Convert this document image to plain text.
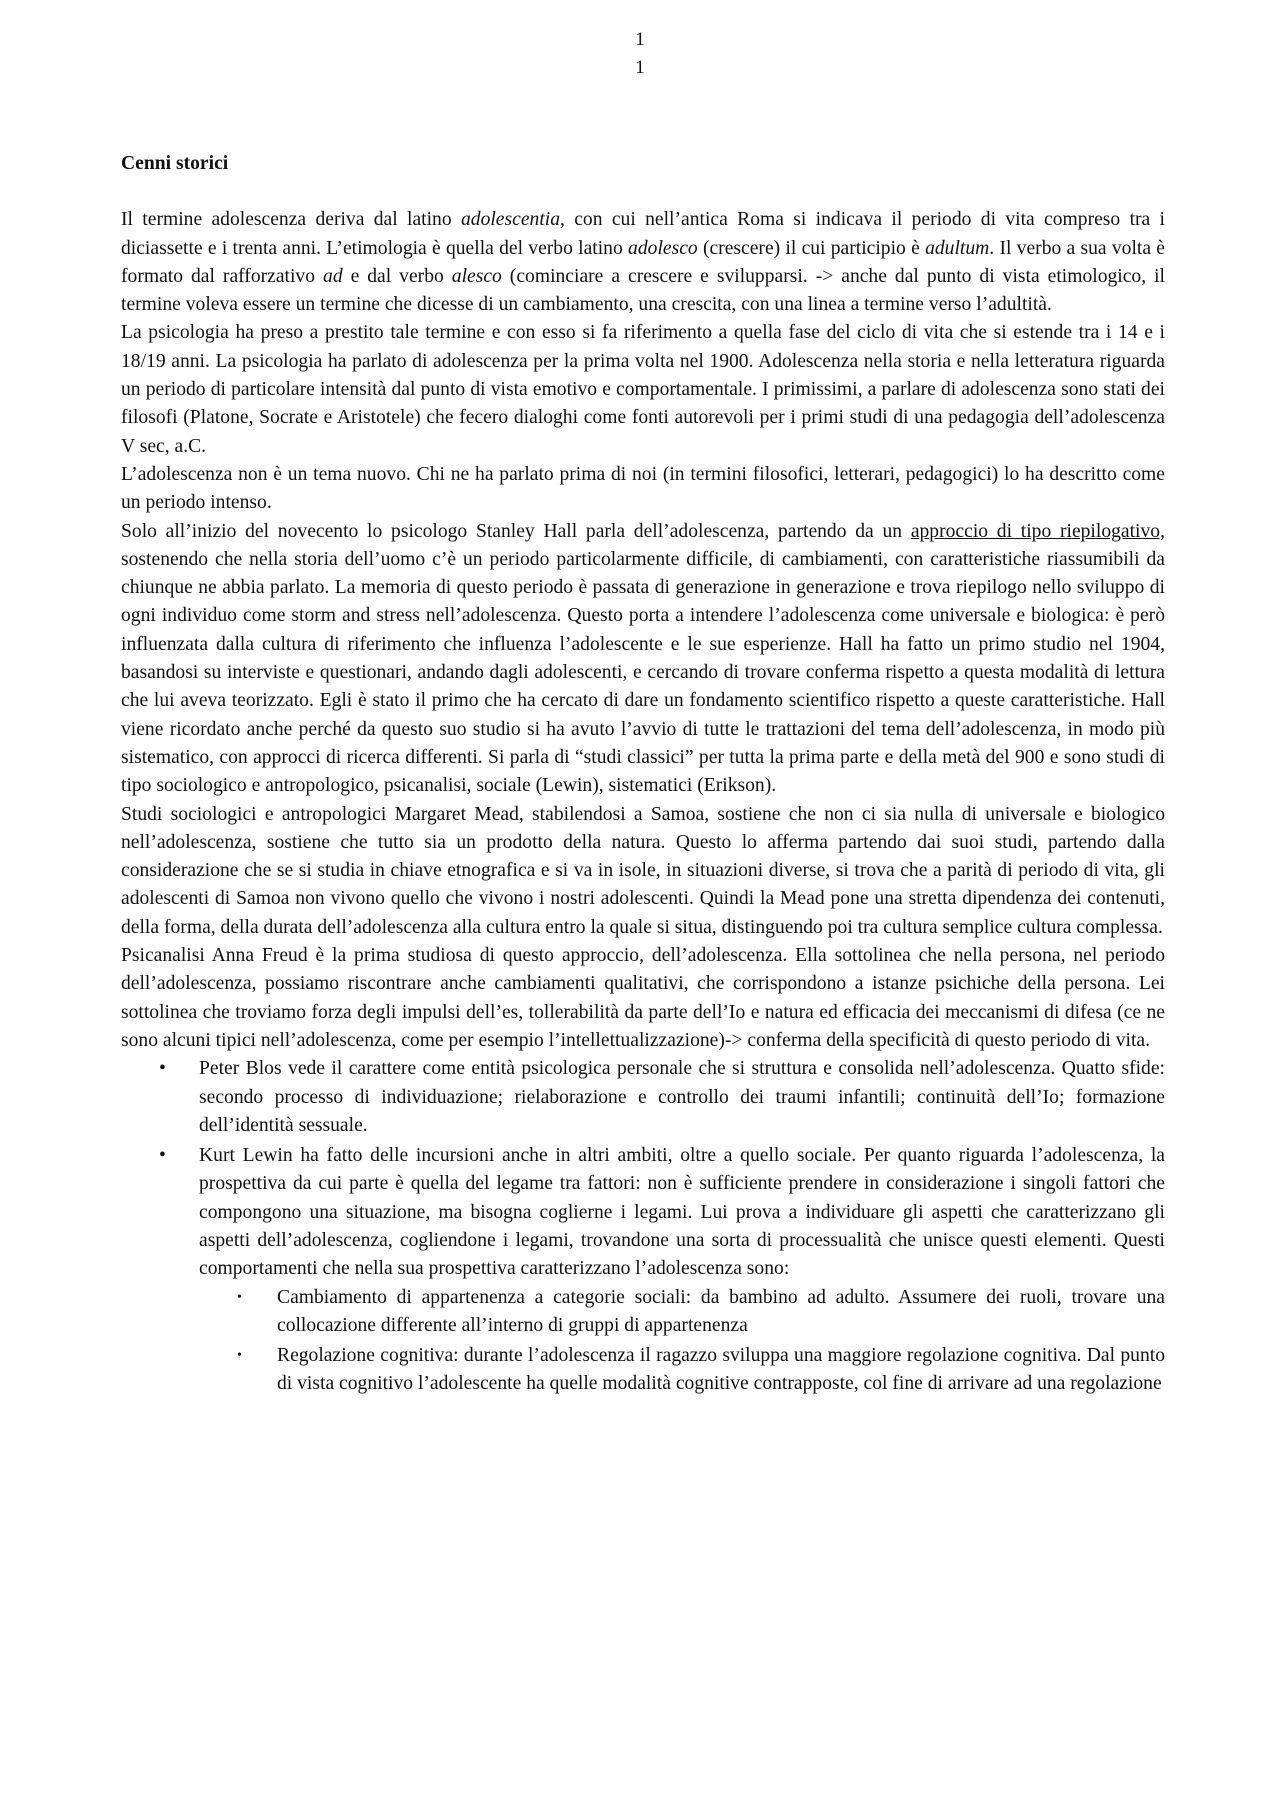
1
1
Cenni storici

Il termine adolescenza deriva dal latino adolescentia, con cui nell’antica Roma si indicava il periodo di vita compreso tra i diciassette e i trenta anni. L’etimologia è quella del verbo latino adolesco (crescere) il cui participio è adultum. Il verbo a sua volta è formato dal rafforzativo ad e dal verbo alesco (cominciare a crescere e svilupparsi. -> anche dal punto di vista etimologico, il termine voleva essere un termine che dicesse di un cambiamento, una crescita, con una linea a termine verso l’adultità.

La psicologia ha preso a prestito tale termine e con esso si fa riferimento a quella fase del ciclo di vita che si estende tra i 14 e i 18/19 anni. La psicologia ha parlato di adolescenza per la prima volta nel 1900. Adolescenza nella storia e nella letteratura riguarda un periodo di particolare intensità dal punto di vista emotivo e comportamentale. I primissimi, a parlare di adolescenza sono stati dei filosofi (Platone, Socrate e Aristotele) che fecero dialoghi come fonti autorevoli per i primi studi di una pedagogia dell’adolescenza V sec, a.C.

L’adolescenza non è un tema nuovo. Chi ne ha parlato prima di noi (in termini filosofici, letterari, pedagogici) lo ha descritto come un periodo intenso.

Solo all’inizio del novecento lo psicologo Stanley Hall parla dell’adolescenza, partendo da un approccio di tipo riepilogativo, sostenendo che nella storia dell’uomo c’è un periodo particolarmente difficile, di cambiamenti, con caratteristiche riassumibili da chiunque ne abbia parlato. La memoria di questo periodo è passata di generazione in generazione e trova riepilogo nello sviluppo di ogni individuo come storm and stress nell’adolescenza. Questo porta a intendere l’adolescenza come universale e biologica: è però influenzata dalla cultura di riferimento che influenza l’adolescente e le sue esperienze. Hall ha fatto un primo studio nel 1904, basandosi su interviste e questionari, andando dagli adolescenti, e cercando di trovare conferma rispetto a questa modalità di lettura che lui aveva teorizzato. Egli è stato il primo che ha cercato di dare un fondamento scientifico rispetto a queste caratteristiche. Hall viene ricordato anche perché da questo suo studio si ha avuto l’avvio di tutte le trattazioni del tema dell’adolescenza, in modo più sistematico, con approcci di ricerca differenti. Si parla di “studi classici” per tutta la prima parte e della metà del 900 e sono studi di tipo sociologico e antropologico, psicanalisi, sociale (Lewin), sistematici (Erikson).

Studi sociologici e antropologici Margaret Mead, stabilendosi a Samoa, sostiene che non ci sia nulla di universale e biologico nell’adolescenza, sostiene che tutto sia un prodotto della natura. Questo lo afferma partendo dai suoi studi, partendo dalla considerazione che se si studia in chiave etnografica e si va in isole, in situazioni diverse, si trova che a parità di periodo di vita, gli adolescenti di Samoa non vivono quello che vivono i nostri adolescenti. Quindi la Mead pone una stretta dipendenza dei contenuti, della forma, della durata dell’adolescenza alla cultura entro la quale si situa, distinguendo poi tra cultura semplice cultura complessa.

Psicanalisi Anna Freud è la prima studiosa di questo approccio, dell’adolescenza. Ella sottolinea che nella persona, nel periodo dell’adolescenza, possiamo riscontrare anche cambiamenti qualitativi, che corrispondono a istanze psichiche della persona. Lei sottolinea che troviamo forza degli impulsi dell’es, tollerabilità da parte dell’Io e natura ed efficacia dei meccanismi di difesa (ce ne sono alcuni tipici nell’adolescenza, come per esempio l’intellettualizzazione)-> conferma della specificità di questo periodo di vita.

• Peter Blos vede il carattere come entità psicologica personale che si struttura e consolida nell’adolescenza. Quatto sfide: secondo processo di individuazione; rielaborazione e controllo dei traumi infantili; continuità dell’Io; formazione dell’identità sessuale.
• Kurt Lewin ha fatto delle incursioni anche in altri ambiti, oltre a quello sociale. Per quanto riguarda l’adolescenza, la prospettiva da cui parte è quella del legame tra fattori: non è sufficiente prendere in considerazione i singoli fattori che compongono una situazione, ma bisogna coglierne i legami. Lui prova a individuare gli aspetti che caratterizzano gli aspetti dell’adolescenza, cogliendone i legami, trovandone una sorta di processualità che unisce questi elementi. Questi comportamenti che nella sua prospettiva caratterizzano l’adolescenza sono:
• Cambiamento di appartenenza a categorie sociali: da bambino ad adulto. Assumere dei ruoli, trovare una collocazione differente all’interno di gruppi di appartenenza
• Regolazione cognitiva: durante l’adolescenza il ragazzo sviluppa una maggiore regolazione cognitiva. Dal punto di vista cognitivo l’adolescente ha quelle modalità cognitive contrapposte, col fine di arrivare ad una regolazione
